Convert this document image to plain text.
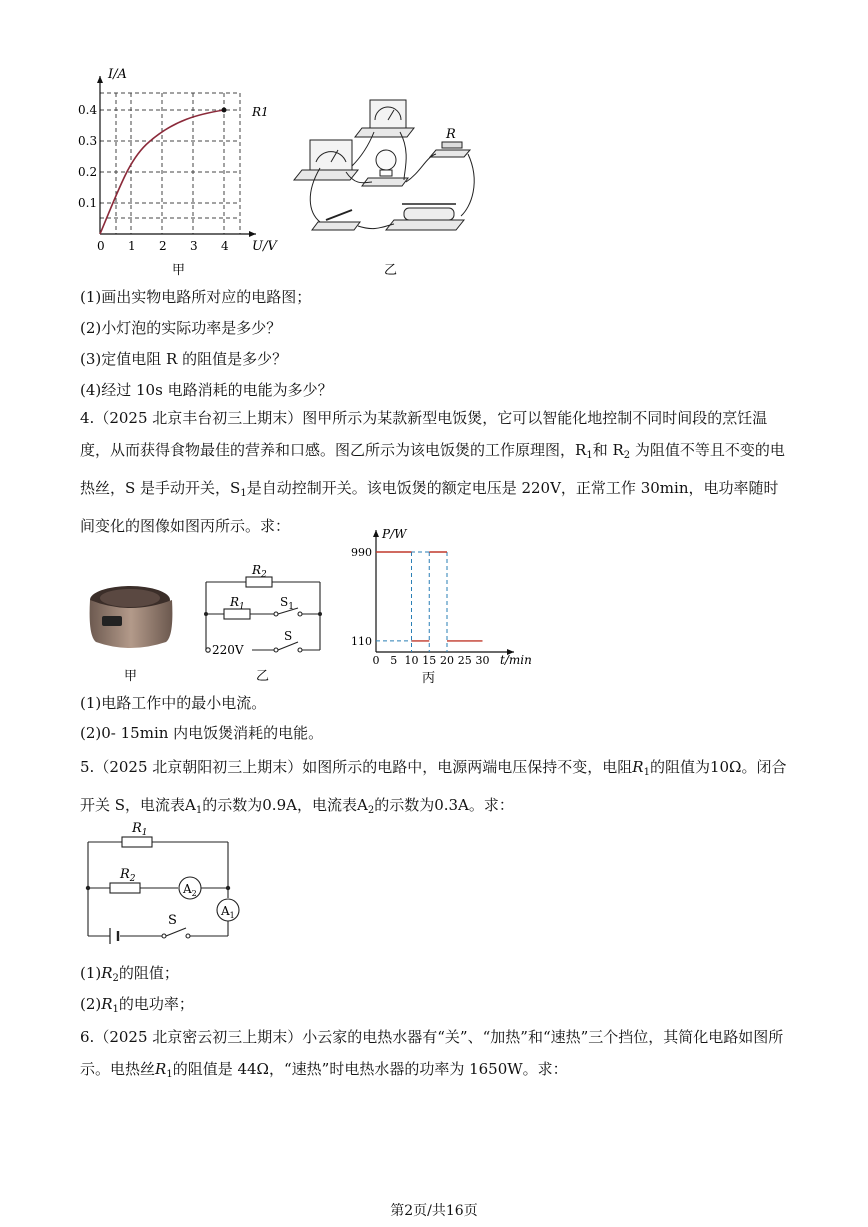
I/A
0.4
0.3
0.2
0.1
0 1 2 3 4 U/V
R1
甲
R
乙
(1)画出实物电路所对应的电路图；
(2)小灯泡的实际功率是多少？
(3)定值电阻 R 的阻值是多少？
(4)经过 10s 电路消耗的电能为多少？
4.（2025 北京丰台初三上期末）图甲所示为某款新型电饭煲，它可以智能化地控制不同时间段的烹饪温度，从而获得食物最佳的营养和口感。图乙所示为该电饭煲的工作原理图，$R_1$和 $R_2$ 为阻值不等且不变的电热丝，S 是手动开关，$S_1$是自动控制开关。该电饭煲的额定电压是 220V，正常工作 30min，电功率随时间变化的图像如图丙所示。求：
甲
$R_2$
$R_1$	$S_1$
S
220V
乙
110
990
0 5 10 15 20 25 30
P/W
t/min
丙
(1)电路工作中的最小电流。
(2)0- 15min 内电饭煲消耗的电能。
5.（2025 北京朝阳初三上期末）如图所示的电路中，电源两端电压保持不变，电阻$R_1$的阻值为10Ω。闭合开关 S，电流表$A_1$的示数为0.9A，电流表$A_2$的示数为0.3A。求：
$R_1$
$R_2$
$A_2$
$A_1$
S
$(1)R_2$的阻值；
$(2)R_1$的电功率；
6.（2025 北京密云初三上期末）小云家的电热水器有“关”、“加热”和“速热”三个挡位，其简化电路如图所示。电热丝$R_1$的阻值是 44Ω，“速热”时电热水器的功率为 1650W。求：
第2页/共16页
